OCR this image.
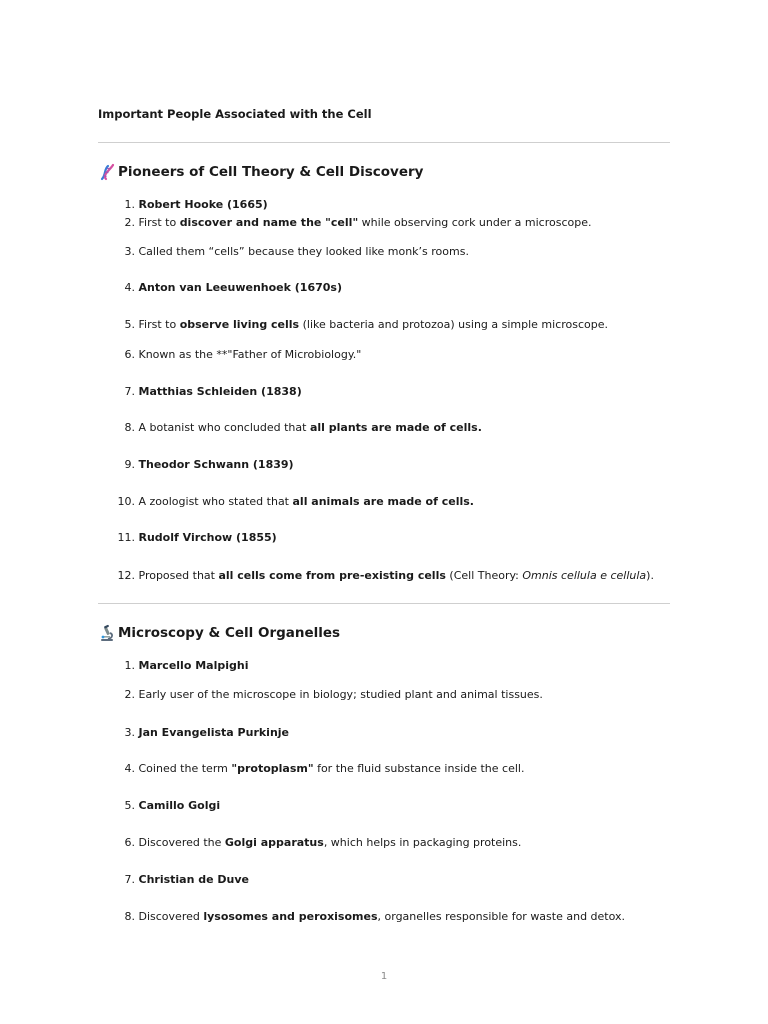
Important People Associated with the Cell
Pioneers of Cell Theory & Cell Discovery
1. Robert Hooke (1665)
2. First to discover and name the "cell" while observing cork under a microscope.
3. Called them “cells” because they looked like monk’s rooms.
4. Anton van Leeuwenhoek (1670s)
5. First to observe living cells (like bacteria and protozoa) using a simple microscope.
6. Known as the **"Father of Microbiology."
7. Matthias Schleiden (1838)
8. A botanist who concluded that all plants are made of cells.
9. Theodor Schwann (1839)
10. A zoologist who stated that all animals are made of cells.
11. Rudolf Virchow (1855)
12. Proposed that all cells come from pre-existing cells (Cell Theory: Omnis cellula e cellula).
Microscopy & Cell Organelles
1. Marcello Malpighi
2. Early user of the microscope in biology; studied plant and animal tissues.
3. Jan Evangelista Purkinje
4. Coined the term "protoplasm" for the fluid substance inside the cell.
5. Camillo Golgi
6. Discovered the Golgi apparatus, which helps in packaging proteins.
7. Christian de Duve
8. Discovered lysosomes and peroxisomes, organelles responsible for waste and detox.
1
